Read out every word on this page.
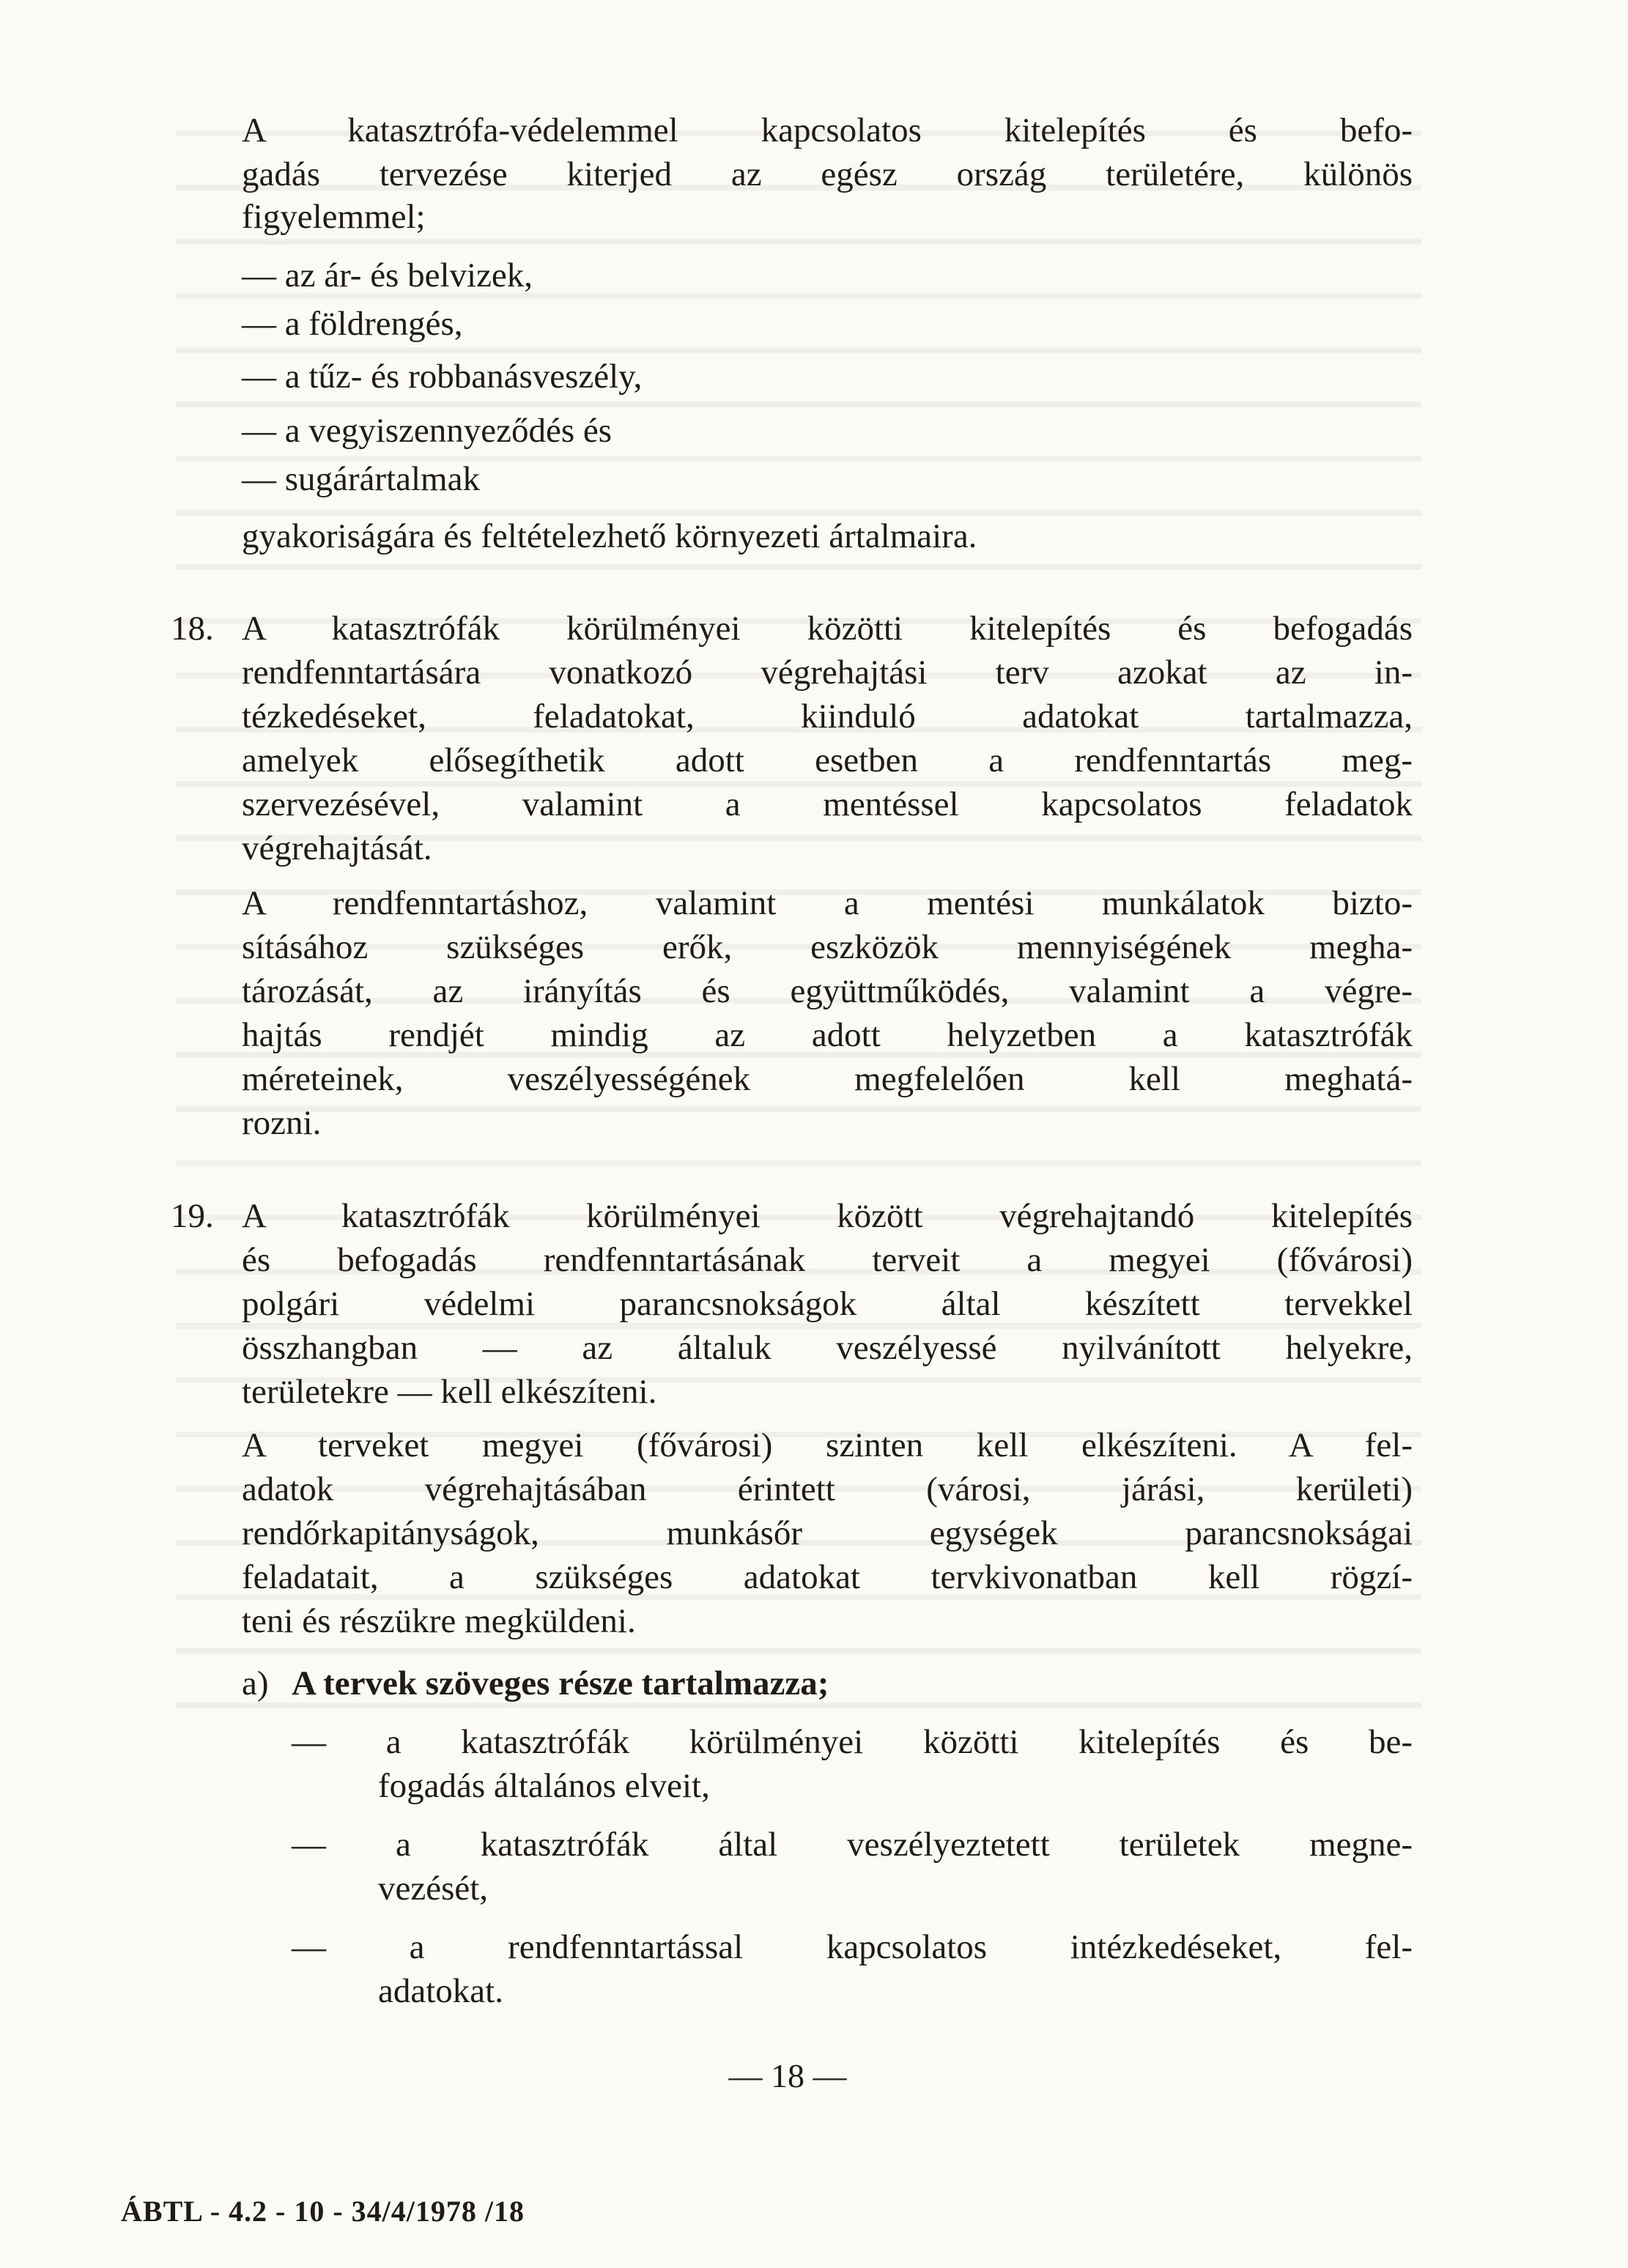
A katasztrófa-védelemmel kapcsolatos kitelepítés és befo-

gadás tervezése kiterjed az egész ország területére, különös

figyelemmel;

— az ár- és belvizek,

— a földrengés,

— a tűz- és robbanásveszély,

— a vegyiszennyeződés és

— sugárártalmak

gyakoriságára és feltételezhető környezeti ártalmaira.

18. A katasztrófák körülményei közötti kitelepítés és befogadás

rendfenntartására vonatkozó végrehajtási terv azokat az in-

tézkedéseket, feladatokat, kiinduló adatokat tartalmazza,

amelyek elősegíthetik adott esetben a rendfenntartás meg-

szervezésével, valamint a mentéssel kapcsolatos feladatok

végrehajtását.

A rendfenntartáshoz, valamint a mentési munkálatok bizto-

sításához szükséges erők, eszközök mennyiségének megha-

tározását, az irányítás és együttműködés, valamint a végre-

hajtás rendjét mindig az adott helyzetben a katasztrófák

méreteinek, veszélyességének megfelelően kell meghatá-

rozni.

19. A katasztrófák körülményei között végrehajtandó kitelepítés

és befogadás rendfenntartásának terveit a megyei (fővárosi)

polgári védelmi parancsnokságok által készített tervekkel

összhangban — az általuk veszélyessé nyilvánított helyekre,

területekre — kell elkészíteni.

A terveket megyei (fővárosi) szinten kell elkészíteni. A fel-

adatok végrehajtásában érintett (városi, járási, kerületi)

rendőrkapitányságok, munkásőr egységek parancsnokságai

feladatait, a szükséges adatokat tervkivonatban kell rögzí-

teni és részükre megküldeni.

a) A tervek szöveges része tartalmazza;

— a katasztrófák körülményei közötti kitelepítés és be-

fogadás általános elveit,

— a katasztrófák által veszélyeztetett területek megne-

vezését,

— a rendfenntartással kapcsolatos intézkedéseket, fel-

adatokat.

— 18 —
ÁBTL - 4.2 - 10 - 34/4/1978 /18
